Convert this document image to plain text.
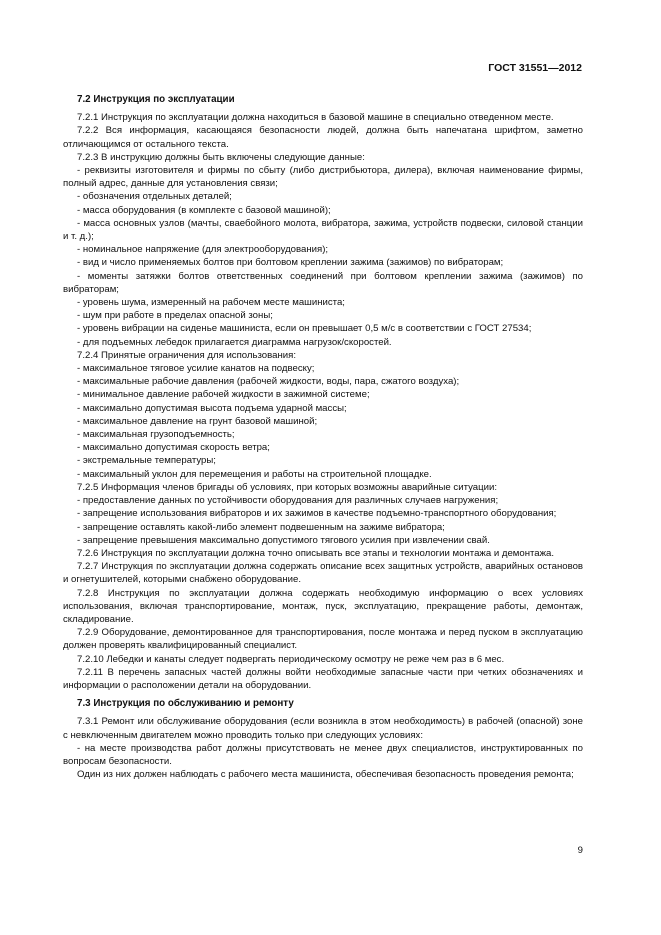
ГОСТ 31551—2012

7.2 Инструкция по эксплуатации

7.2.1 Инструкция по эксплуатации должна находиться в базовой машине в специально отведенном месте.

7.2.2 Вся информация, касающаяся безопасности людей, должна быть напечатана шрифтом, заметно отличающимся от остального текста.

7.2.3 В инструкцию должны быть включены следующие данные:

- реквизиты изготовителя и фирмы по сбыту (либо дистрибьютора, дилера), включая наименование фирмы, полный адрес, данные для установления связи;

- обозначения отдельных деталей;

- масса оборудования (в комплекте с базовой машиной);

- масса основных узлов (мачты, сваебойного молота, вибратора, зажима, устройств подвески, силовой станции и т. д.);

- номинальное напряжение (для электрооборудования);

- вид и число применяемых болтов при болтовом креплении зажима (зажимов) по вибраторам;

- моменты затяжки болтов ответственных соединений при болтовом креплении зажима (зажимов) по вибраторам;

- уровень шума, измеренный на рабочем месте машиниста;

- шум при работе в пределах опасной зоны;

- уровень вибрации на сиденье машиниста, если он превышает 0,5 м/с в соответствии с ГОСТ 27534;

- для подъемных лебедок прилагается диаграмма нагрузок/скоростей.

7.2.4 Принятые ограничения для использования:

- максимальное тяговое усилие канатов на подвеску;

- максимальные рабочие давления (рабочей жидкости, воды, пара, сжатого воздуха);

- минимальное давление рабочей жидкости в зажимной системе;

- максимально допустимая высота подъема ударной массы;

- максимальное давление на грунт базовой машиной;

- максимальная грузоподъемность;

- максимально допустимая скорость ветра;

- экстремальные температуры;

- максимальный уклон для перемещения и работы на строительной площадке.

7.2.5 Информация членов бригады об условиях, при которых возможны аварийные ситуации:

- предоставление данных по устойчивости оборудования для различных случаев нагружения;

- запрещение использования вибраторов и их зажимов в качестве подъемно-транспортного оборудования;

- запрещение оставлять какой-либо элемент подвешенным на зажиме вибратора;

- запрещение превышения максимально допустимого тягового усилия при извлечении свай.

7.2.6 Инструкция по эксплуатации должна точно описывать все этапы и технологии монтажа и демонтажа.

7.2.7 Инструкция по эксплуатации должна содержать описание всех защитных устройств, аварийных остановов и огнетушителей, которыми снабжено оборудование.

7.2.8 Инструкция по эксплуатации должна содержать необходимую информацию о всех условиях использования, включая транспортирование, монтаж, пуск, эксплуатацию, прекращение работы, демонтаж, складирование.

7.2.9 Оборудование, демонтированное для транспортирования, после монтажа и перед пуском в эксплуатацию должен проверять квалифицированный специалист.

7.2.10 Лебедки и канаты следует подвергать периодическому осмотру не реже чем раз в 6 мес.

7.2.11 В перечень запасных частей должны войти необходимые запасные части при четких обозначениях и информации о расположении детали на оборудовании.

7.3 Инструкция по обслуживанию и ремонту

7.3.1 Ремонт или обслуживание оборудования (если возникла в этом необходимость) в рабочей (опасной) зоне с невключенным двигателем можно проводить только при следующих условиях:

- на месте производства работ должны присутствовать не менее двух специалистов, инструктированных по вопросам безопасности.

Один из них должен наблюдать с рабочего места машиниста, обеспечивая безопасность проведения ремонта;

9
